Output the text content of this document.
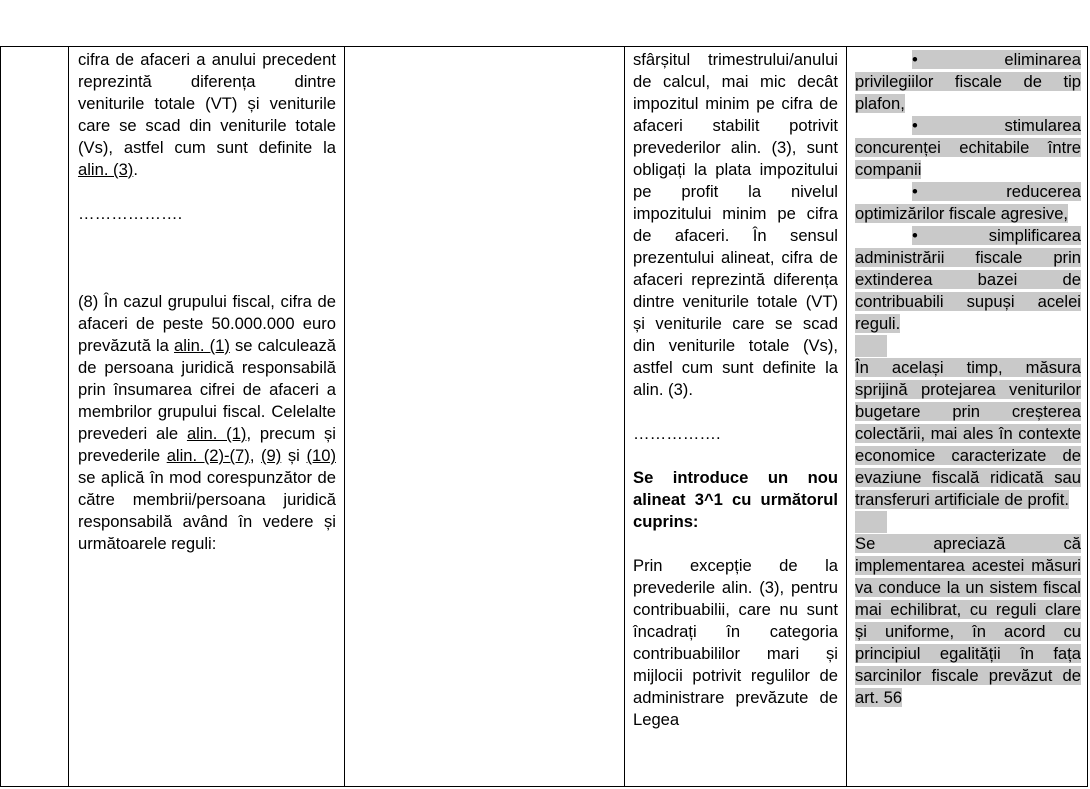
cifra de afaceri a anului precedent reprezintă diferența dintre veniturile totale (VT) și veniturile care se scad din veniturile totale (Vs), astfel cum sunt definite la alin. (3).

……………….

(8) În cazul grupului fiscal, cifra de afaceri de peste 50.000.000 euro prevăzută la alin. (1) se calculează de persoana juridică responsabilă prin însumarea cifrei de afaceri a membrilor grupului fiscal. Celelalte prevederi ale alin. (1), precum și prevederile alin. (2)-(7), (9) și (10) se aplică în mod corespunzător de către membrii/persoana juridică responsabilă având în vedere și următoarele reguli:

sfârșitul trimestrului/anului de calcul, mai mic decât impozitul minim pe cifra de afaceri stabilit potrivit prevederilor alin. (3), sunt obligați la plata impozitului pe profit la nivelul impozitului minim pe cifra de afaceri. În sensul prezentului alineat, cifra de afaceri reprezintă diferența dintre veniturile totale (VT) și veniturile care se scad din veniturile totale (Vs), astfel cum sunt definite la alin. (3).

…………….

Se introduce un nou alineat 3^1 cu următorul cuprins:

Prin excepție de la prevederile alin. (3), pentru contribuabilii, care nu sunt încadrați în categoria contribuabililor mari și mijlocii potrivit regulilor de administrare prevăzute de Legea

• eliminarea privilegiilor fiscale de tip plafon,

• stimularea concurenței echitabile între companii

• reducerea optimizărilor fiscale agresive,

• simplificarea administrării fiscale prin extinderea bazei de contribuabili supuși acelei reguli.

În același timp, măsura sprijină protejarea veniturilor bugetare prin creșterea colectării, mai ales în contexte economice caracterizate de evaziune fiscală ridicată sau transferuri artificiale de profit.

Se apreciază că implementarea acestei măsuri va conduce la un sistem fiscal mai echilibrat, cu reguli clare și uniforme, în acord cu principiul egalității în fața sarcinilor fiscale prevăzut de art. 56
